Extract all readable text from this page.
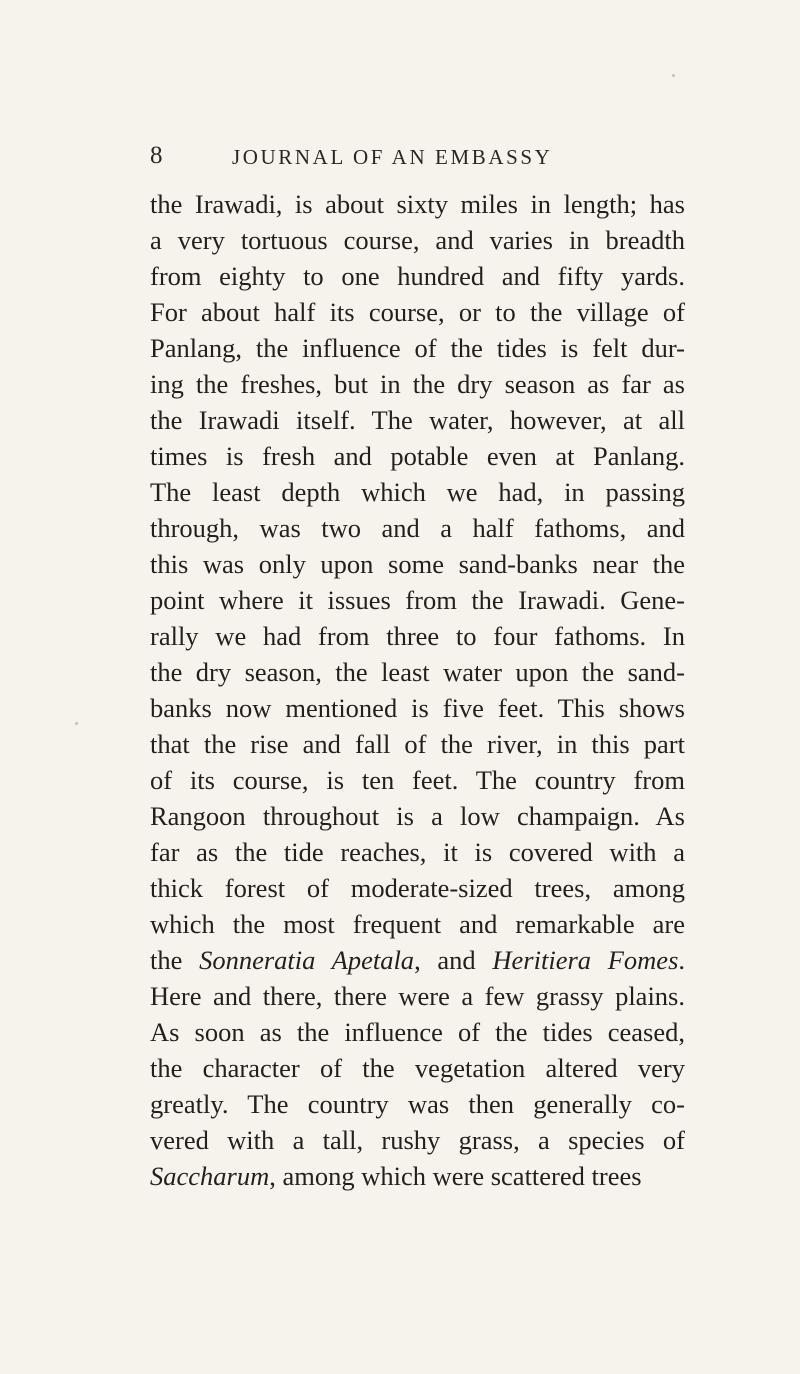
8	JOURNAL OF AN EMBASSY
the Irawadi, is about sixty miles in length; has
a very tortuous course, and varies in breadth
from eighty to one hundred and fifty yards.
For about half its course, or to the village of
Panlang, the influence of the tides is felt dur-
ing the freshes, but in the dry season as far as
the Irawadi itself. The water, however, at all
times is fresh and potable even at Panlang.
The least depth which we had, in passing
through, was two and a half fathoms, and
this was only upon some sand-banks near the
point where it issues from the Irawadi. Gene-
rally we had from three to four fathoms. In
the dry season, the least water upon the sand-
banks now mentioned is five feet. This shows
that the rise and fall of the river, in this part
of its course, is ten feet. The country from
Rangoon throughout is a low champaign. As
far as the tide reaches, it is covered with a
thick forest of moderate-sized trees, among
which the most frequent and remarkable are
the Sonneratia Apetala, and Heritiera Fomes.
Here and there, there were a few grassy plains.
As soon as the influence of the tides ceased,
the character of the vegetation altered very
greatly. The country was then generally co-
vered with a tall, rushy grass, a species of
Saccharum, among which were scattered trees
